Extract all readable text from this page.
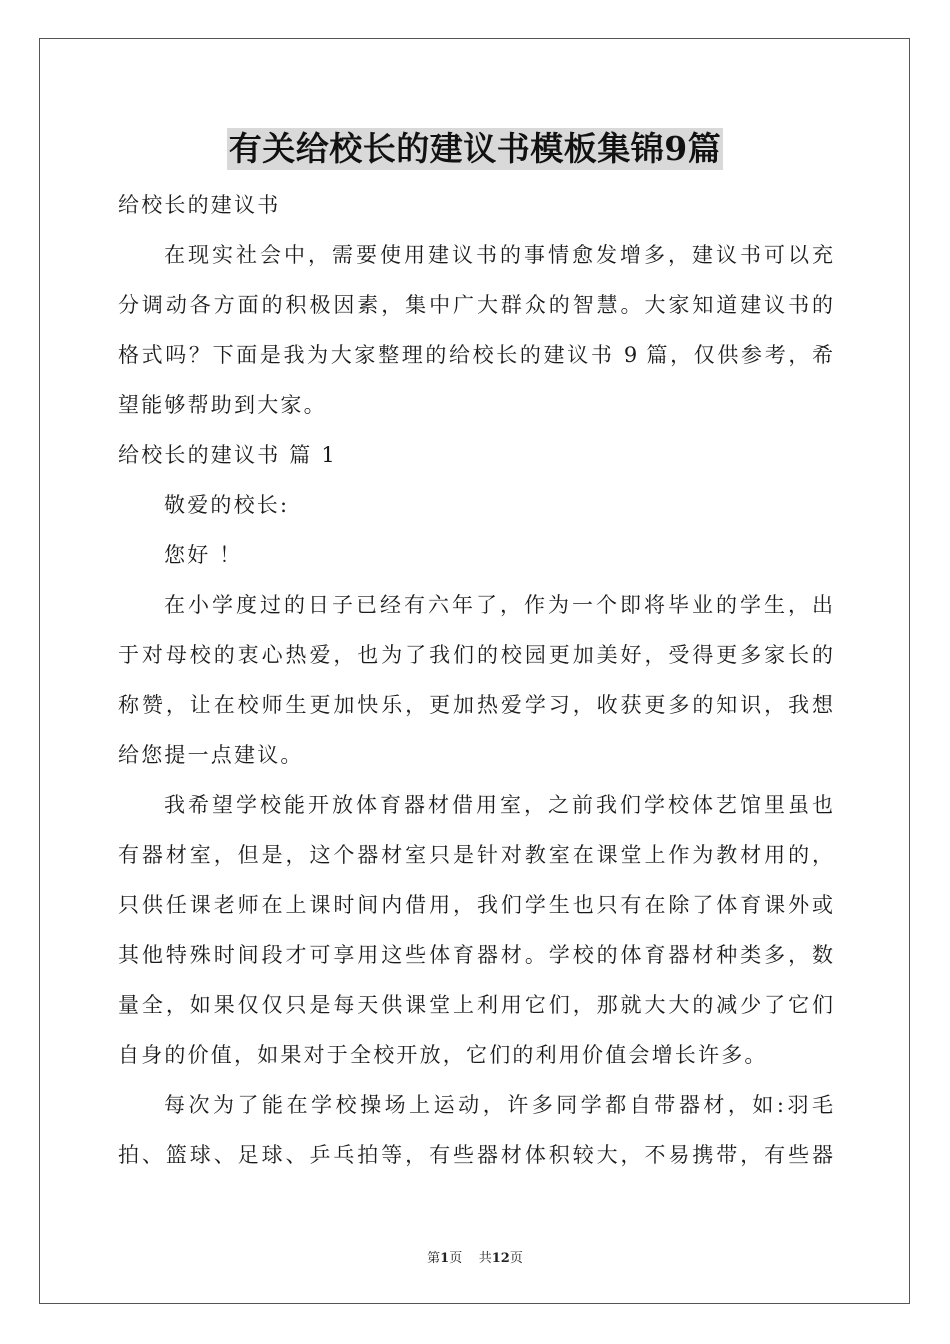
有关给校长的建议书模板集锦9篇
给校长的建议书
在现实社会中，需要使用建议书的事情愈发增多，建议书可以充
分调动各方面的积极因素，集中广大群众的智慧。大家知道建议书的
格式吗？下面是我为大家整理的给校长的建议书 9 篇，仅供参考，希
望能够帮助到大家。
给校长的建议书 篇 1
敬爱的校长:
您好 ！
在小学度过的日子已经有六年了，作为一个即将毕业的学生，出
于对母校的衷心热爱，也为了我们的校园更加美好，受得更多家长的
称赞，让在校师生更加快乐，更加热爱学习，收获更多的知识，我想
给您提一点建议。
我希望学校能开放体育器材借用室，之前我们学校体艺馆里虽也
有器材室，但是，这个器材室只是针对教室在课堂上作为教材用的，
只供任课老师在上课时间内借用，我们学生也只有在除了体育课外或
其他特殊时间段才可享用这些体育器材。学校的体育器材种类多，数
量全，如果仅仅只是每天供课堂上利用它们，那就大大的减少了它们
自身的价值，如果对于全校开放，它们的利用价值会增长许多。
每次为了能在学校操场上运动，许多同学都自带器材，如:羽毛
拍、篮球、足球、乒乓拍等，有些器材体积较大，不易携带，有些器
第1页 共12页
